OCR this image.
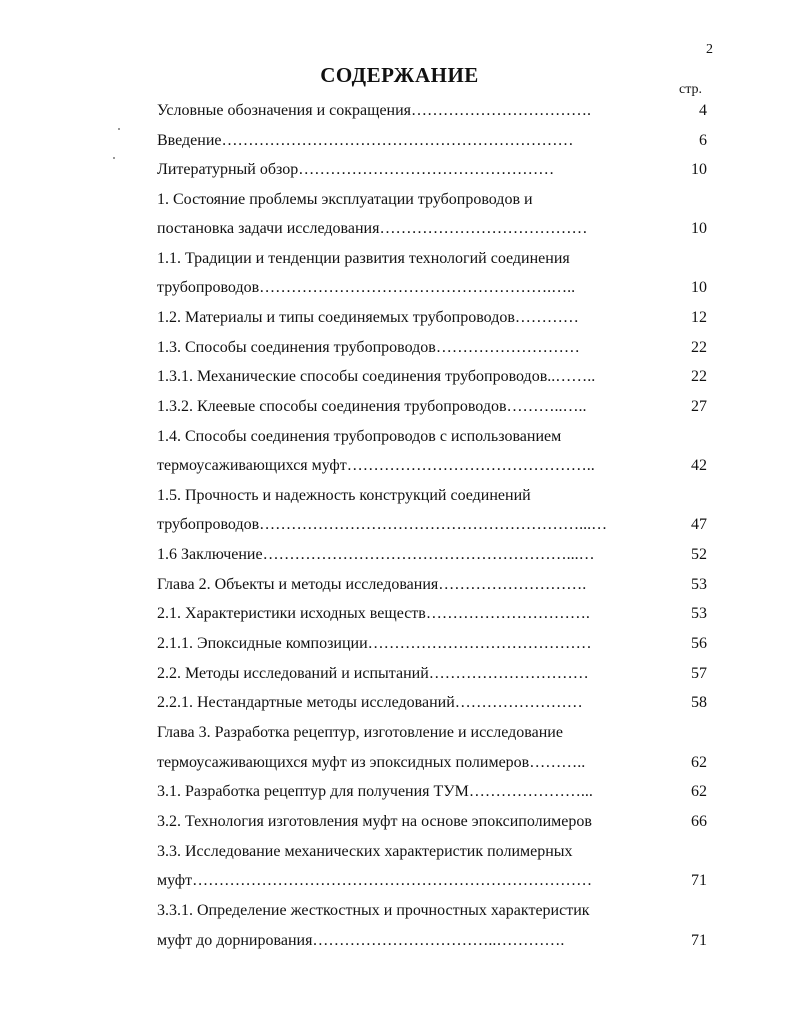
2
СОДЕРЖАНИЕ
стр.
Условные обозначения и сокращения…………………………….	4
Введение…………………………………………………………	6
Литературный обзор…………………………………………	10
1. Состояние проблемы эксплуатации трубопроводов и
постановка задачи исследования…………………………………	10
1.1. Традиции и тенденции развития технологий соединения
трубопроводов……………………………………………….…..	10
1.2. Материалы и типы соединяемых трубопроводов…………	12
1.3. Способы соединения трубопроводов………………………	22
1.3.1. Механические способы соединения трубопроводов..……..	22
1.3.2. Клеевые способы соединения трубопроводов………..…..	27
1.4. Способы соединения трубопроводов с использованием
термоусаживающихся муфт………………………………………..	42
1.5. Прочность и надежность конструкций соединений
трубопроводов……………………………………………………...…	47
1.6 Заключение…………………………………………………...…	52
Глава 2. Объекты и методы исследования……………………….	53
2.1. Характеристики исходных веществ………………………….	53
2.1.1. Эпоксидные композиции……………………………………	56
2.2. Методы исследований и испытаний…………………………	57
2.2.1. Нестандартные методы исследований……………………	58
Глава 3. Разработка рецептур, изготовление и исследование
термоусаживающихся муфт из эпоксидных полимеров………..	62
3.1. Разработка рецептур для получения ТУМ…………………...	62
3.2. Технология изготовления муфт на основе эпоксиполимеров	66
3.3. Исследование механических характеристик полимерных
муфт…………………………………………………………………	71
3.3.1. Определение жесткостных и прочностных характеристик
муфт до дорнирования……………………………..………….	71
